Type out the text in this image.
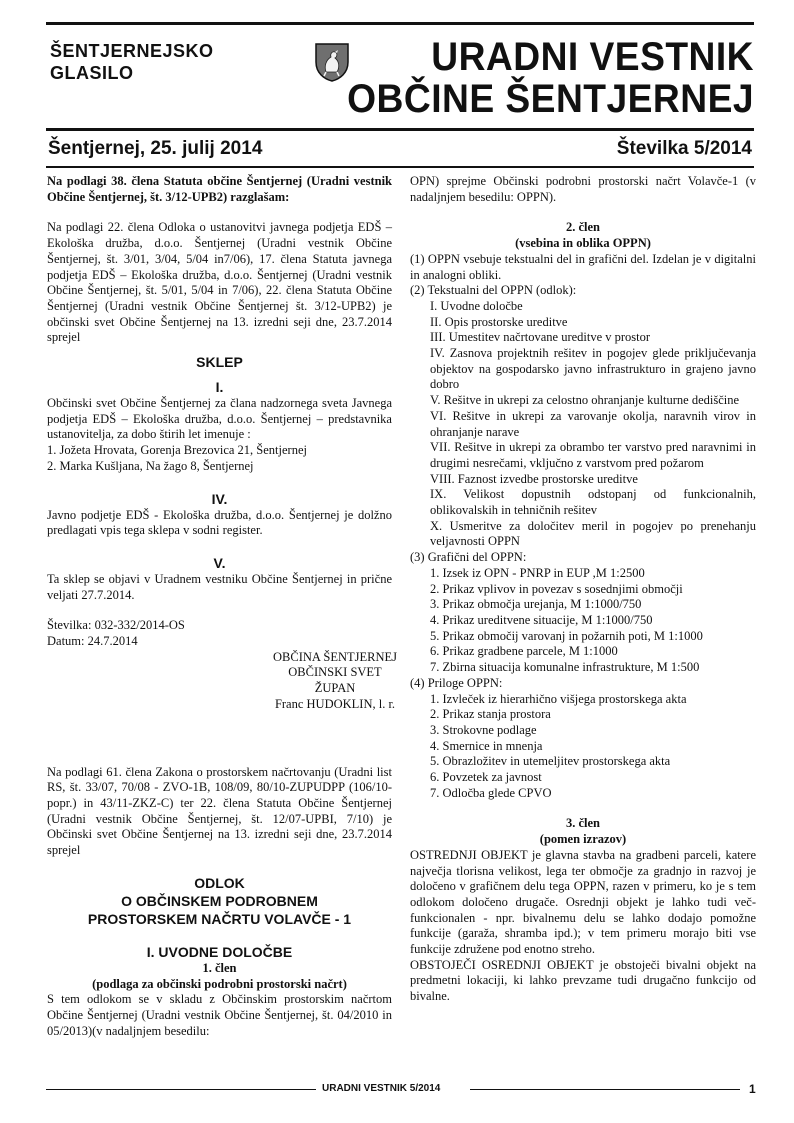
ŠENTJERNEJSKO
GLASILO	URADNI VESTNIK
OBČINE ŠENTJERNEJ
Šentjernej, 25. julij 2014	Številka 5/2014

Na podlagi 38. člena Statuta občine Šentjernej (Uradni vestnik Občine Šentjernej, št. 3/12-UPB2) razglašam:

Na podlagi 22. člena Odloka o ustanovitvi javnega podjetja EDŠ – Ekološka družba, d.o.o. Šentjernej (Uradni vestnik Občine Šentjernej, št. 3/01, 3/04, 5/04 in7/06), 17. člena Statuta javnega podjetja EDŠ – Ekološka družba, d.o.o. Šentjernej (Uradni vestnik Občine Šentjernej, št. 5/01, 5/04 in 7/06), 22. člena Statuta Občine Šentjernej (Uradni vestnik Občine Šentjernej št. 3/12-UPB2) je občinski svet Občine Šentjernej na 13. izredni seji dne, 23.7.2014 sprejel

SKLEP
I.

Občinski svet Občine Šentjernej za člana nadzornega sveta Javnega podjetja EDŠ – Ekološka družba, d.o.o. Šentjernej – predstavnika ustanovitelja, za dobo štirih let imenuje :

1. Jožeta Hrovata, Gorenja Brezovica 21, Šentjernej

2. Marka Kušljana, Na žago 8, Šentjernej

IV.

Javno podjetje EDŠ - Ekološka družba, d.o.o. Šentjernej je dolžno predlagati vpis tega sklepa v sodni register.

V.

Ta sklep se objavi v Uradnem vestniku Občine Šentjernej in prične veljati 27.7.2014.

Številka: 032-332/2014-OS

Datum: 24.7.2014

OBČINA ŠENTJERNEJ
OBČINSKI SVET
ŽUPAN
Franc HUDOKLIN, l. r.

Na podlagi 61. člena Zakona o prostorskem načrtovanju (Uradni list RS, št. 33/07, 70/08 - ZVO-1B, 108/09, 80/10-ZUPUDPP (106/10-popr.) in 43/11-ZKZ-C) ter 22. člena Statuta Občine Šentjernej (Uradni vestnik Občine Šentjernej, št. 12/07-UPBI, 7/10) je Občinski svet Občine Šentjernej na 13. izredni seji dne, 23.7.2014 sprejel

ODLOK
O OBČINSKEM PODROBNEM
PROSTORSKEM NAČRTU VOLAVČE - 1
I. UVODNE DOLOČBE

1. člen

(podlaga za občinski podrobni prostorski načrt)

S tem odlokom se v skladu z Občinskim prostorskim načrtom Občine Šentjernej (Uradni vestnik Občine Šentjernej, št. 04/2010 in 05/2013)(v nadaljnjem besedilu:

OPN) sprejme Občinski podrobni prostorski načrt Volavče-1 (v nadaljnjem besedilu: OPPN).

2. člen

(vsebina in oblika OPPN)

(1) OPPN vsebuje tekstualni del in grafični del. Izdelan je v digitalni in analogni obliki.

(2) Tekstualni del OPPN (odlok):

I. Uvodne določbe

II. Opis prostorske ureditve

III. Umestitev načrtovane ureditve v prostor

IV. Zasnova projektnih rešitev in pogojev glede priključevanja objektov na gospodarsko javno infrastrukturo in grajeno javno dobro

V. Rešitve in ukrepi za celostno ohranjanje kulturne dediščine

VI. Rešitve in ukrepi za varovanje okolja, naravnih virov in ohranjanje narave

VII. Rešitve in ukrepi za obrambo ter varstvo pred naravnimi in drugimi nesrečami, vključno z varstvom pred požarom

VIII. Faznost izvedbe prostorske ureditve

IX. Velikost dopustnih odstopanj od funkcionalnih, oblikovalskih in tehničnih rešitev

X. Usmeritve za določitev meril in pogojev po prenehanju veljavnosti OPPN

(3) Grafični del OPPN:

1. Izsek iz OPN - PNRP in EUP ,M 1:2500

2. Prikaz vplivov in povezav s sosednjimi območji

3. Prikaz območja urejanja, M 1:1000/750

4. Prikaz ureditvene situacije, M 1:1000/750

5. Prikaz območij varovanj in požarnih poti, M 1:1000

6. Prikaz gradbene parcele, M 1:1000

7. Zbirna situacija komunalne infrastrukture, M 1:500

(4) Priloge OPPN:

1. Izvleček iz hierarhično višjega prostorskega akta

2. Prikaz stanja prostora

3. Strokovne podlage

4. Smernice in mnenja

5. Obrazložitev in utemeljitev prostorskega akta

6. Povzetek za javnost

7. Odločba glede CPVO

3. člen

(pomen izrazov)

OSTREDNJI OBJEKT je glavna stavba na gradbeni parceli, katere največja tlorisna velikost, lega ter območje za gradnjo in razvoj je določeno v grafičnem delu tega OPPN, razen v primeru, ko je s tem odlokom določeno drugače. Osrednji objekt je lahko tudi več-funkcionalen - npr. bivalnemu delu se lahko dodajo pomožne funkcije (garaža, shramba ipd.); v tem primeru morajo biti vse funkcije združene pod enotno streho.

OBSTOJEČI OSREDNJI OBJEKT je obstoječi bivalni objekt na predmetni lokaciji, ki lahko prevzame tudi drugačno funkcijo od bivalne.

URADNI VESTNIK 5/2014	1
